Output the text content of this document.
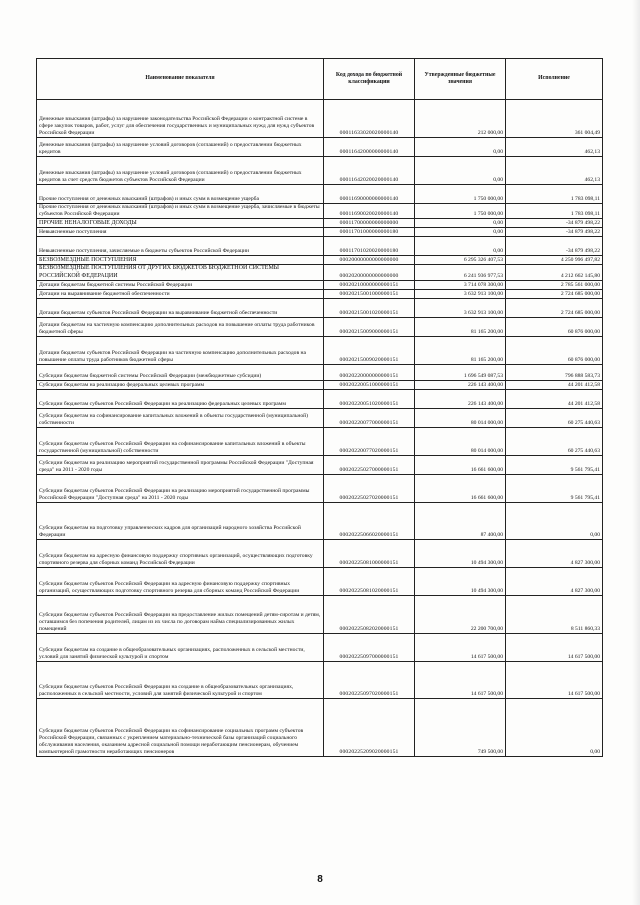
Наименование показателя	Код дохода по бюджетной классификации	Утвержденные бюджетные значения	Исполнение
Денежные взыскания (штрафы) за нарушение законодательства Российской Федерации о контрактной системе в сфере закупок товаров, работ, услуг для обеспечения государственных и муниципальных нужд для нужд субъектов Российской Федерации	00011633020020000140	212 000,00	361 004,49
Денежные взыскания (штрафы) за нарушение условий договоров (соглашений) о предоставлении бюджетных кредитов	00011642000000000140	0,00	462,13
Денежные взыскания (штрафы) за нарушение условий договоров (соглашений) о предоставлении бюджетных кредитов за счет средств бюджетов субъектов Российской Федерации	00011642020020000140	0,00	462,13
Прочие поступления от денежных взысканий (штрафов) и иных сумм в возмещение ущерба	00011690000000000140	1 750 000,00	1 783 098,11
Прочие поступления от денежных взысканий (штрафов) и иных сумм в возмещение ущерба, зачисляемые в бюджеты субъектов Российской Федерации	00011690020020000140	1 750 000,00	1 783 098,11
ПРОЧИЕ НЕНАЛОГОВЫЕ ДОХОДЫ	00011700000000000000	0,00	-34 879 498,22
Невыясненные поступления	00011701000000000180	0,00	-34 879 498,22
Невыясненные поступления, зачисляемые в бюджеты субъектов Российской Федерации	00011701020020000180	0,00	-34 879 498,22
БЕЗВОЗМЕЗДНЫЕ ПОСТУПЛЕНИЯ	00020000000000000000	6 295 326 407,53	4 250 996 497,82
БЕЗВОЗМЕЗДНЫЕ ПОСТУПЛЕНИЯ ОТ ДРУГИХ БЮДЖЕТОВ БЮДЖЕТНОЙ СИСТЕМЫ РОССИЙСКОЙ ФЕДЕРАЦИИ	00020200000000000000	6 241 936 977,53	4 212 662 145,80
Дотации бюджетам бюджетной системы Российской Федерации	00020210000000000151	3 714 078 300,00	2 785 561 000,00
Дотации на выравнивание бюджетной обеспеченности	00020215001000000151	3 632 913 100,00	2 724 685 000,00
Дотации бюджетам субъектов Российской Федерации на выравнивание бюджетной обеспеченности	00020215001020000151	3 632 913 100,00	2 724 685 000,00
Дотации бюджетам на частичную компенсацию дополнительных расходов на повышение оплаты труда работников бюджетной сферы	00020215009000000151	81 165 200,00	60 876 000,00
Дотации бюджетам субъектов Российской Федерации на частичную компенсацию дополнительных расходов на повышение оплаты труда работников бюджетной сферы	00020215009020000151	81 165 200,00	60 876 000,00
Субсидии бюджетам бюджетной системы Российской Федерации (межбюджетные субсидии)	00020220000000000151	1 696 549 087,53	796 888 583,73
Субсидии бюджетам на реализацию федеральных целевых программ	00020220051000000151	226 143 400,00	44 201 412,58
Субсидии бюджетам субъектов Российской Федерации на реализацию федеральных целевых программ	00020220051020000151	226 143 400,00	44 201 412,58
Субсидии бюджетам на софинансирование капитальных вложений в объекты государственной (муниципальной) собственности	00020220077000000151	80 014 000,00	60 275 440,63
Субсидии бюджетам субъектов Российской Федерации на софинансирование капитальных вложений в объекты государственной (муниципальной) собственности	00020220077020000151	80 014 000,00	60 275 440,63
Субсидии бюджетам на реализацию мероприятий государственной программы Российской Федерации "Доступная среда" на 2011 - 2020 годы	00020225027000000151	16 661 600,00	9 561 795,41
Субсидии бюджетам субъектов Российской Федерации на реализацию мероприятий государственной программы Российской Федерации "Доступная среда" на 2011 - 2020 годы	00020225027020000151	16 661 600,00	9 561 795,41
Субсидии бюджетам на подготовку управленческих кадров для организаций народного хозяйства Российской Федерации	00020225066020000151	87 400,00	0,00
Субсидии бюджетам на адресную финансовую поддержку спортивных организаций, осуществляющих подготовку спортивного резерва для сборных команд Российской Федерации	00020225081000000151	10 494 300,00	4 827 300,00
Субсидии бюджетам субъектов Российской Федерации на адресную финансовую поддержку спортивных организаций, осуществляющих подготовку спортивного резерва для сборных команд Российской Федерации	00020225081020000151	10 494 300,00	4 827 300,00
Субсидии бюджетам субъектов Российской Федерации на предоставление жилых помещений детям-сиротам и детям, оставшимся без попечения родителей, лицам из их числа по договорам найма специализированных жилых помещений	00020225082020000151	22 200 700,00	8 511 860,33
Субсидии бюджетам на создание в общеобразовательных организациях, расположенных в сельской местности, условий для занятий физической культурой и спортом	00020225097000000151	14 617 500,00	14 617 500,00
Субсидии бюджетам субъектов Российской Федерации на создание в общеобразовательных организациях, расположенных в сельской местности, условий для занятий физической культурой и спортом	00020225097020000151	14 617 500,00	14 617 500,00
Субсидии бюджетам субъектов Российской Федерации на софинансирование социальных программ субъектов Российской Федерации, связанных с укреплением материально-технической базы организаций социального обслуживания населения, оказанием адресной социальной помощи неработающим пенсионерам, обучением компьютерной грамотности неработающих пенсионеров	00020225209020000151	749 500,00	0,00
8
